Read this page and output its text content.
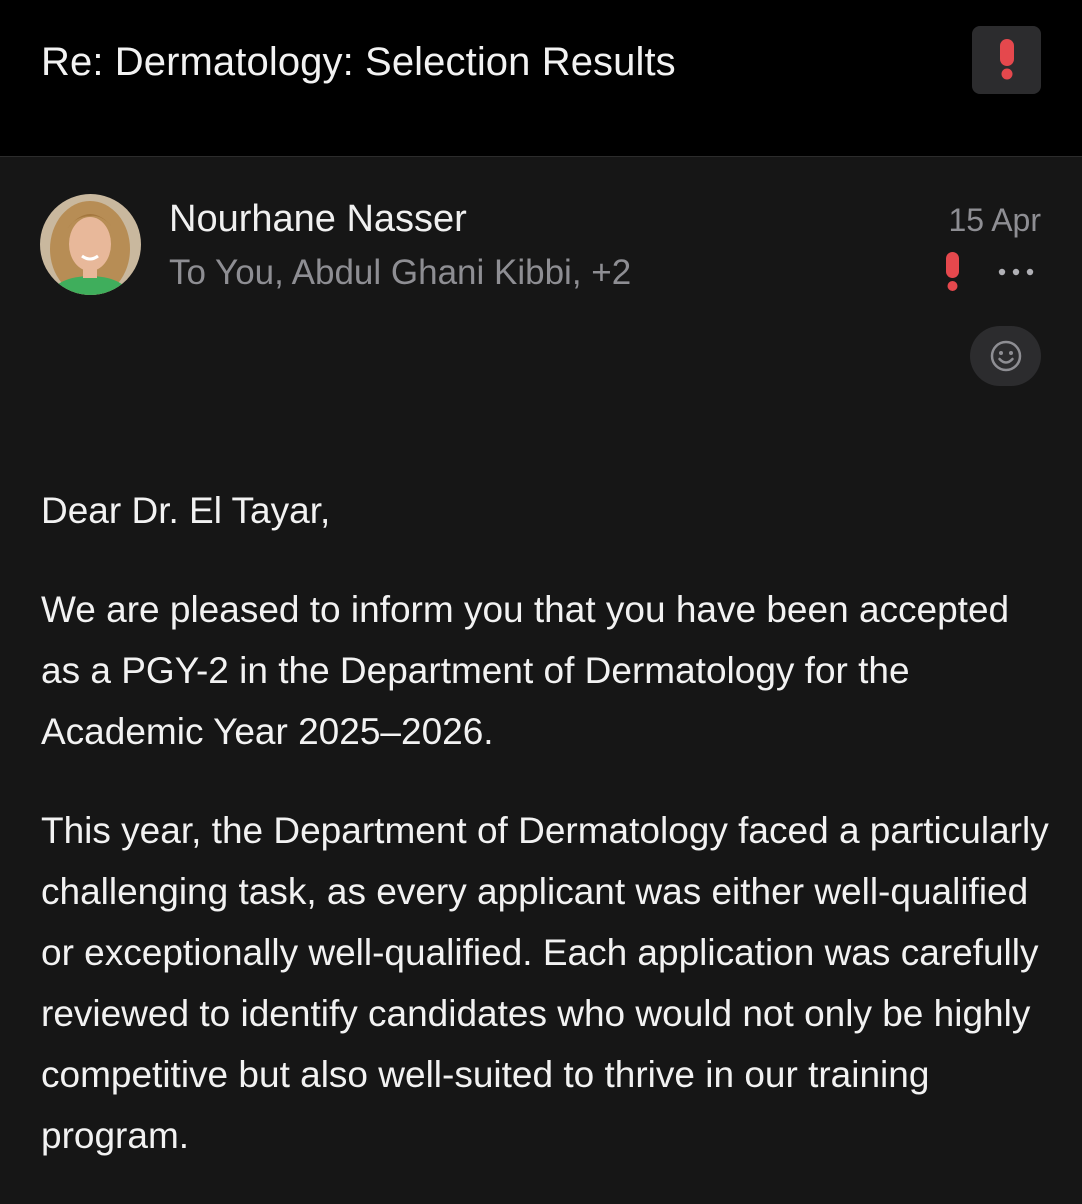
Re: Dermatology: Selection Results
Nourhane Nasser
To You, Abdul Ghani Kibbi, +2
15 Apr

Dear Dr. El Tayar,

We are pleased to inform you that you have been accepted as a PGY-2 in the Department of Dermatology for the Academic Year 2025–2026.

This year, the Department of Dermatology faced a particularly challenging task, as every applicant was either well-qualified or exceptionally well-qualified. Each application was carefully reviewed to identify candidates who would not only be highly competitive but also well-suited to thrive in our training program.
